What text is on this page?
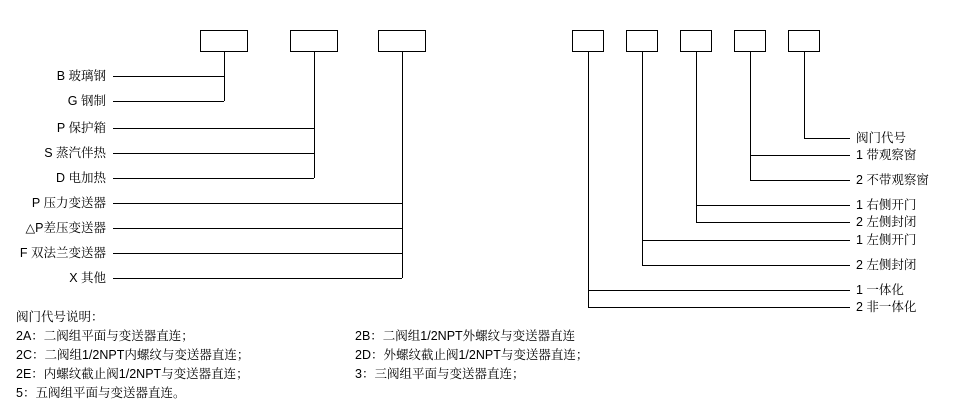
B 玻璃钢
G 钢制
P 保护箱
S 蒸汽伴热
D 电加热
P 压力变送器
△P差压变送器
F 双法兰变送器
X 其他
阀门代号
1 带观察窗
2 不带观察窗
1 右侧开门
2 左侧封闭
1 左侧开门
2 左侧封闭
1 一体化
2 非一体化
阀门代号说明：
2A：二阀组平面与变送器直连；
2C：二阀组1/2NPT内螺纹与变送器直连；
2E：内螺纹截止阀1/2NPT与变送器直连；
5：五阀组平面与变送器直连。
2B：二阀组1/2NPT外螺纹与变送器直连
2D：外螺纹截止阀1/2NPT与变送器直连；
3：三阀组平面与变送器直连；
